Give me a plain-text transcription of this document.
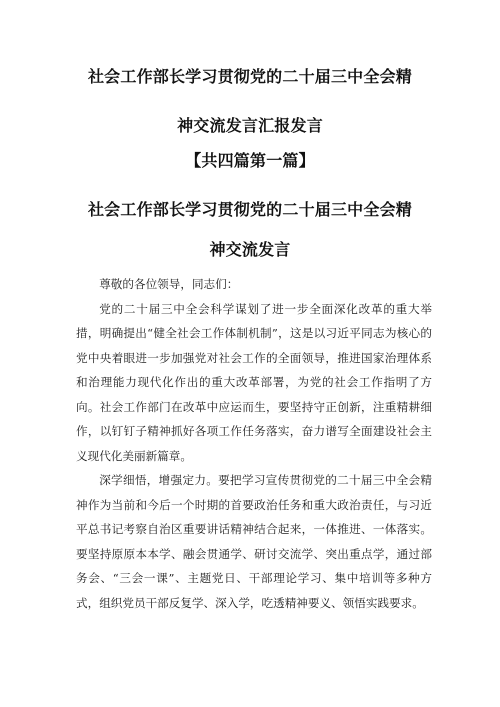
社会工作部长学习贯彻党的二十届三中全会精
神交流发言汇报发言
【共四篇第一篇】
社会工作部长学习贯彻党的二十届三中全会精
神交流发言

尊敬的各位领导，同志们：

党的二十届三中全会科学谋划了进一步全面深化改革的重大举措，明确提出“健全社会工作体制机制”，这是以习近平同志为核心的党中央着眼进一步加强党对社会工作的全面领导，推进国家治理体系和治理能力现代化作出的重大改革部署，为党的社会工作指明了方向。社会工作部门在改革中应运而生，要坚持守正创新，注重精耕细作，以钉钉子精神抓好各项工作任务落实，奋力谱写全面建设社会主义现代化美丽新篇章。

深学细悟，增强定力。要把学习宣传贯彻党的二十届三中全会精神作为当前和今后一个时期的首要政治任务和重大政治责任，与习近平总书记考察自治区重要讲话精神结合起来，一体推进、一体落实。要坚持原原本本学、融会贯通学、研讨交流学、突出重点学，通过部务会、“三会一课”、主题党日、干部理论学习、集中培训等多种方式，组织党员干部反复学、深入学，吃透精神要义、领悟实践要求。
